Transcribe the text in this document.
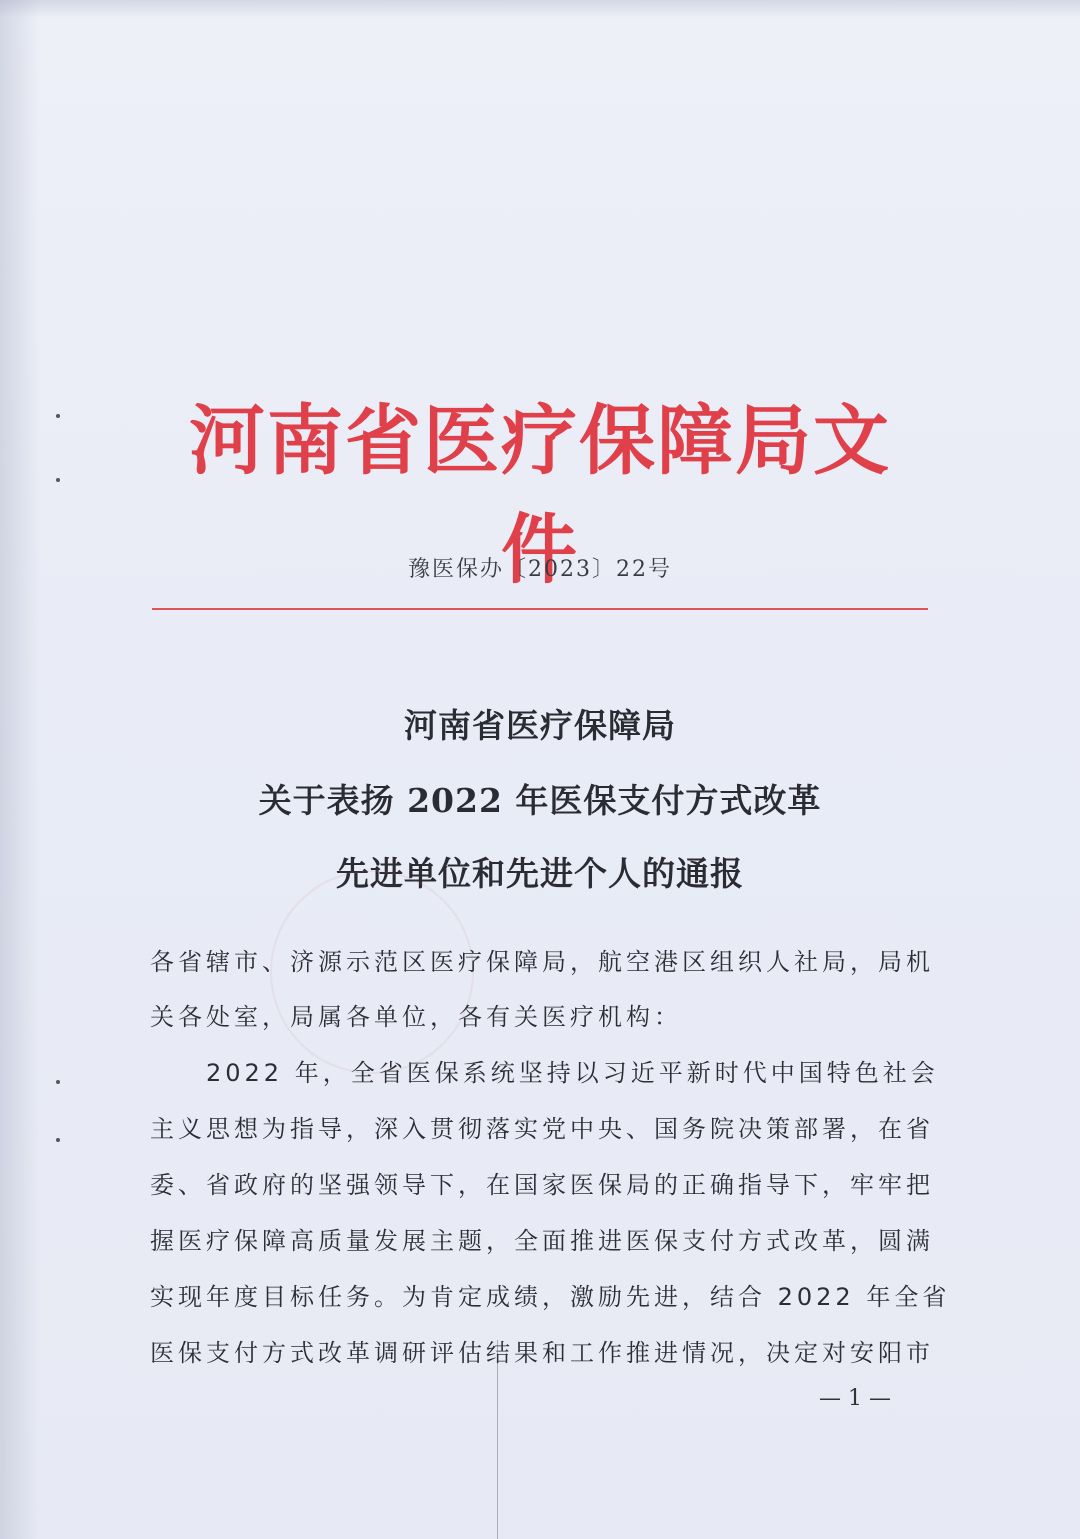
河南省医疗保障局文件
豫医保办〔2023〕22号
河南省医疗保障局
关于表扬 2022 年医保支付方式改革
先进单位和先进个人的通报
各省辖市、济源示范区医疗保障局，航空港区组织人社局，局机
关各处室，局属各单位，各有关医疗机构：
　　2022 年，全省医保系统坚持以习近平新时代中国特色社会
主义思想为指导，深入贯彻落实党中央、国务院决策部署，在省
委、省政府的坚强领导下，在国家医保局的正确指导下，牢牢把
握医疗保障高质量发展主题，全面推进医保支付方式改革，圆满
实现年度目标任务。为肯定成绩，激励先进，结合 2022 年全省
医保支付方式改革调研评估结果和工作推进情况，决定对安阳市
— 1 —
